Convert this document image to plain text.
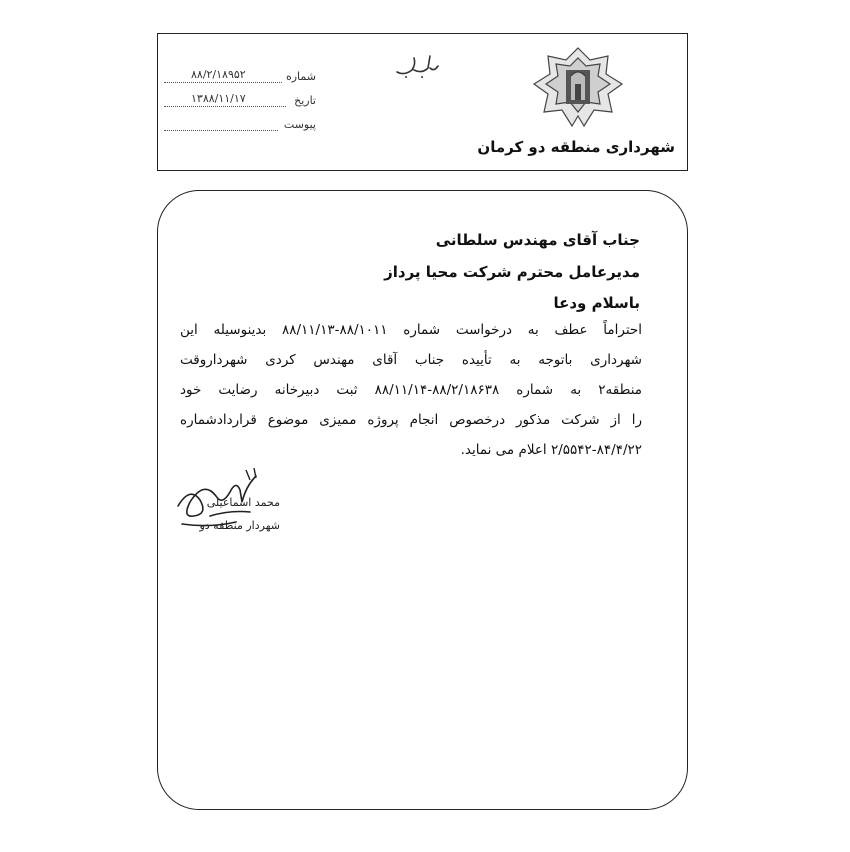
شهرداری منطقه دو کرمان
شماره
۸۸/۲/۱۸۹۵۲
تاریخ
۱۳۸۸/۱۱/۱۷
پیوست
جناب آقای مهندس سلطانی
مدیرعامل محترم شرکت محیا پرداز
باسلام ودعا
احتراماً عطف به درخواست شماره ۸۸/۱۰۱۱-۸۸/۱۱/۱۳ بدینوسیله این
شهرداری باتوجه به تأییده جناب آقای مهندس کردی شهرداروقت
منطقه۲ به شماره ۸۸/۲/۱۸۶۳۸-۸۸/۱۱/۱۴ ثبت دبیرخانه رضایت خود
را از شرکت مذکور درخصوص انجام پروژه ممیزی موضوع قراردادشماره
۲/۵۵۴۲-۸۴/۴/۲۲ اعلام می نماید.
محمد اسماعیلی
شهردار منطقه دو
